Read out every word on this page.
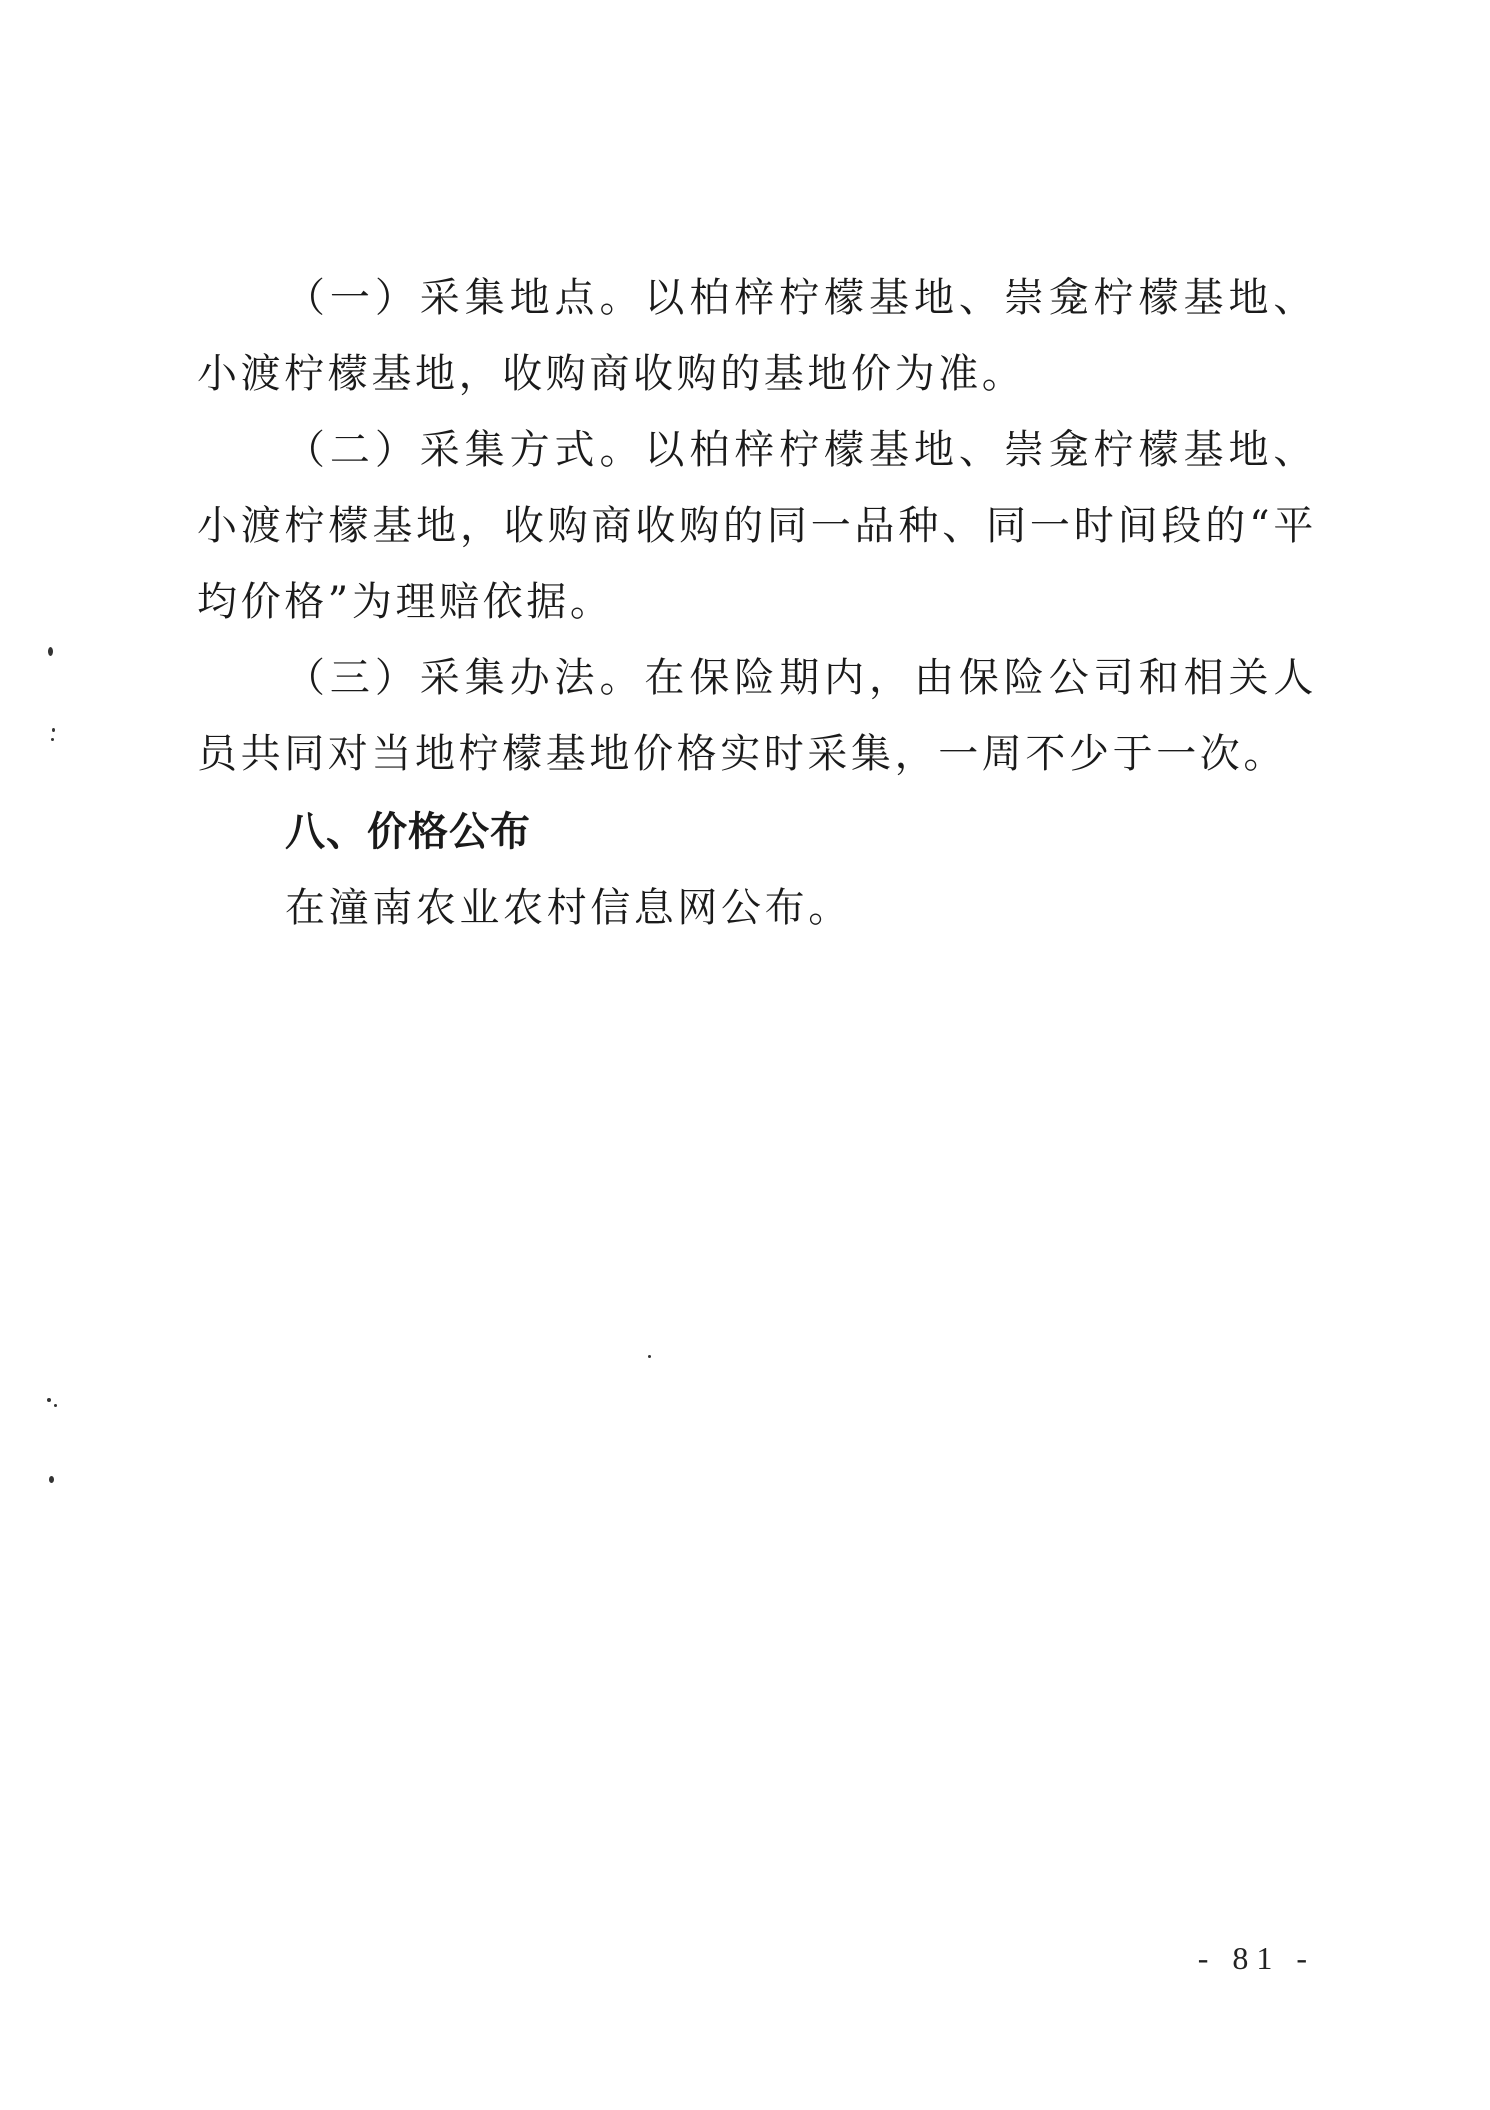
（一）采集地点。以柏梓柠檬基地、崇龛柠檬基地、小渡柠檬基地，收购商收购的基地价为准。

（二）采集方式。以柏梓柠檬基地、崇龛柠檬基地、小渡柠檬基地，收购商收购的同一品种、同一时间段的“平均价格”为理赔依据。

（三）采集办法。在保险期内，由保险公司和相关人员共同对当地柠檬基地价格实时采集，一周不少于一次。

八、价格公布

在潼南农业农村信息网公布。

- 81 -
